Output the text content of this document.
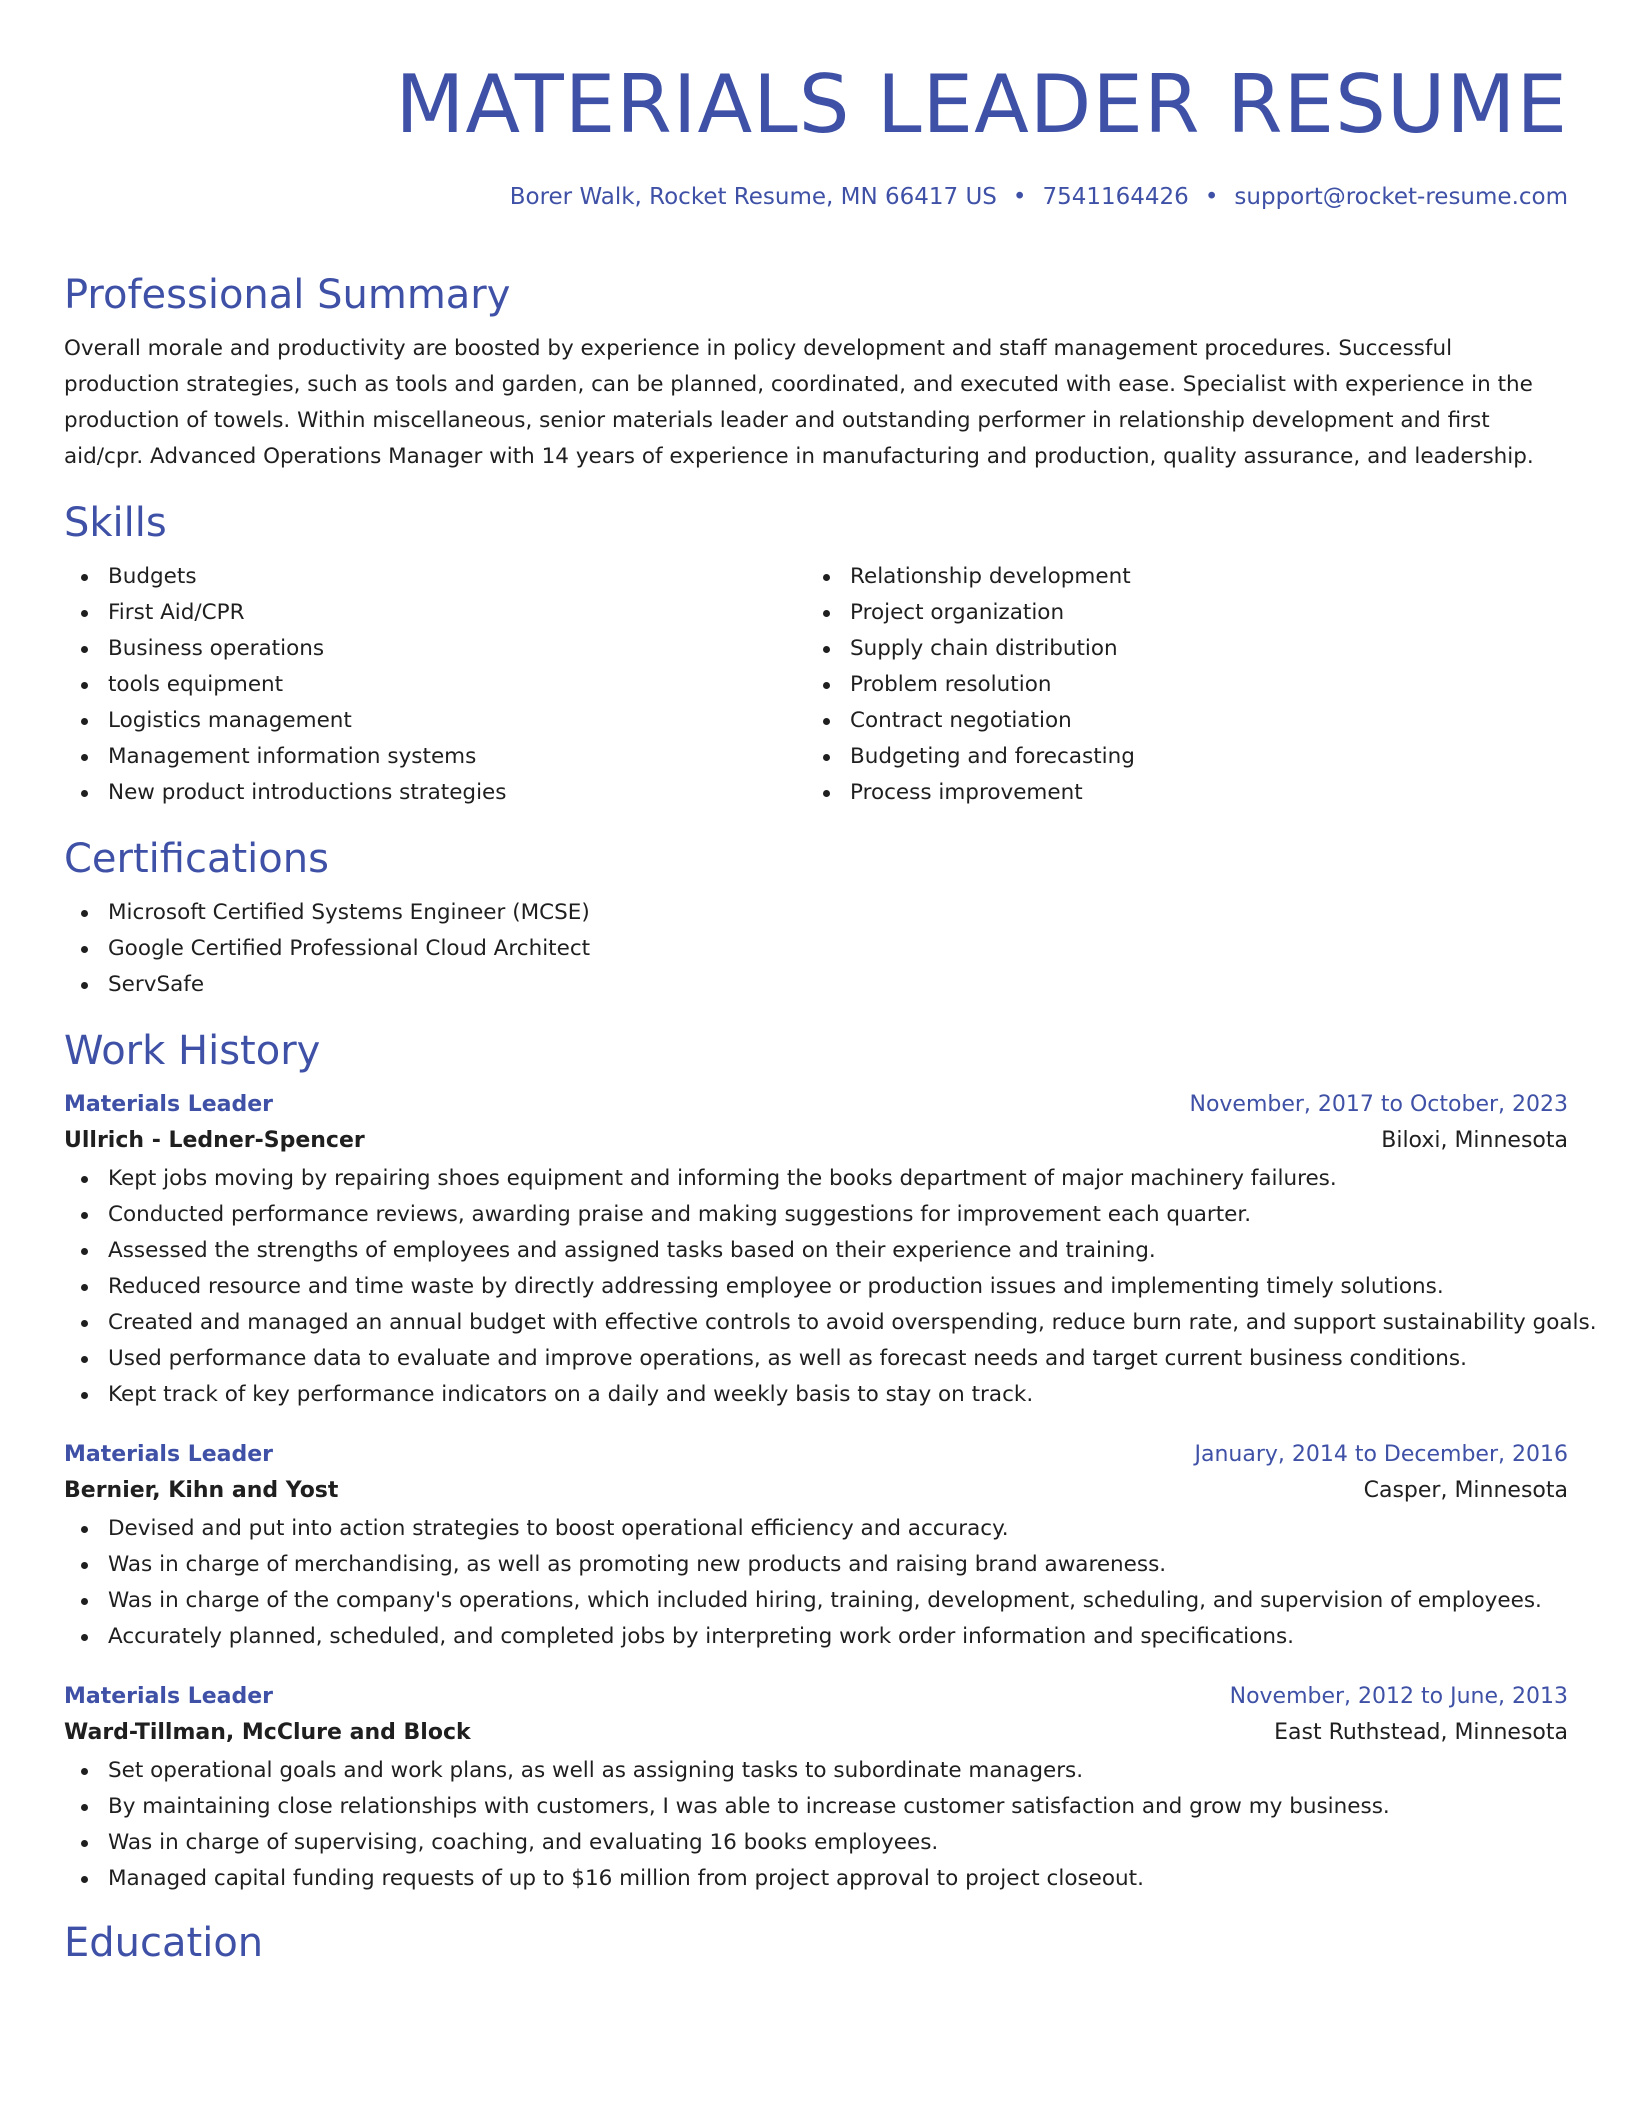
MATERIALS LEADER RESUME
Borer Walk, Rocket Resume, MN 66417 US • 7541164426 • support@rocket-resume.com
Professional Summary

Overall morale and productivity are boosted by experience in policy development and staff management procedures. Successful production strategies, such as tools and garden, can be planned, coordinated, and executed with ease. Specialist with experience in the production of towels. Within miscellaneous, senior materials leader and outstanding performer in relationship development and first aid/cpr. Advanced Operations Manager with 14 years of experience in manufacturing and production, quality assurance, and leadership.

Skills
Budgets
First Aid/CPR
Business operations
tools equipment
Logistics management
Management information systems
New product introductions strategies
Relationship development
Project organization
Supply chain distribution
Problem resolution
Contract negotiation
Budgeting and forecasting
Process improvement
Certifications
Microsoft Certified Systems Engineer (MCSE)
Google Certified Professional Cloud Architect
ServSafe
Work History
Materials Leader	November, 2017 to October, 2023
Ullrich - Ledner-Spencer	Biloxi, Minnesota
Kept jobs moving by repairing shoes equipment and informing the books department of major machinery failures.
Conducted performance reviews, awarding praise and making suggestions for improvement each quarter.
Assessed the strengths of employees and assigned tasks based on their experience and training.
Reduced resource and time waste by directly addressing employee or production issues and implementing timely solutions.
Created and managed an annual budget with effective controls to avoid overspending, reduce burn rate, and support sustainability goals.
Used performance data to evaluate and improve operations, as well as forecast needs and target current business conditions.
Kept track of key performance indicators on a daily and weekly basis to stay on track.
Materials Leader	January, 2014 to December, 2016
Bernier, Kihn and Yost	Casper, Minnesota
Devised and put into action strategies to boost operational efficiency and accuracy.
Was in charge of merchandising, as well as promoting new products and raising brand awareness.
Was in charge of the company's operations, which included hiring, training, development, scheduling, and supervision of employees.
Accurately planned, scheduled, and completed jobs by interpreting work order information and specifications.
Materials Leader	November, 2012 to June, 2013
Ward-Tillman, McClure and Block	East Ruthstead, Minnesota
Set operational goals and work plans, as well as assigning tasks to subordinate managers.
By maintaining close relationships with customers, I was able to increase customer satisfaction and grow my business.
Was in charge of supervising, coaching, and evaluating 16 books employees.
Managed capital funding requests of up to $16 million from project approval to project closeout.
Education
